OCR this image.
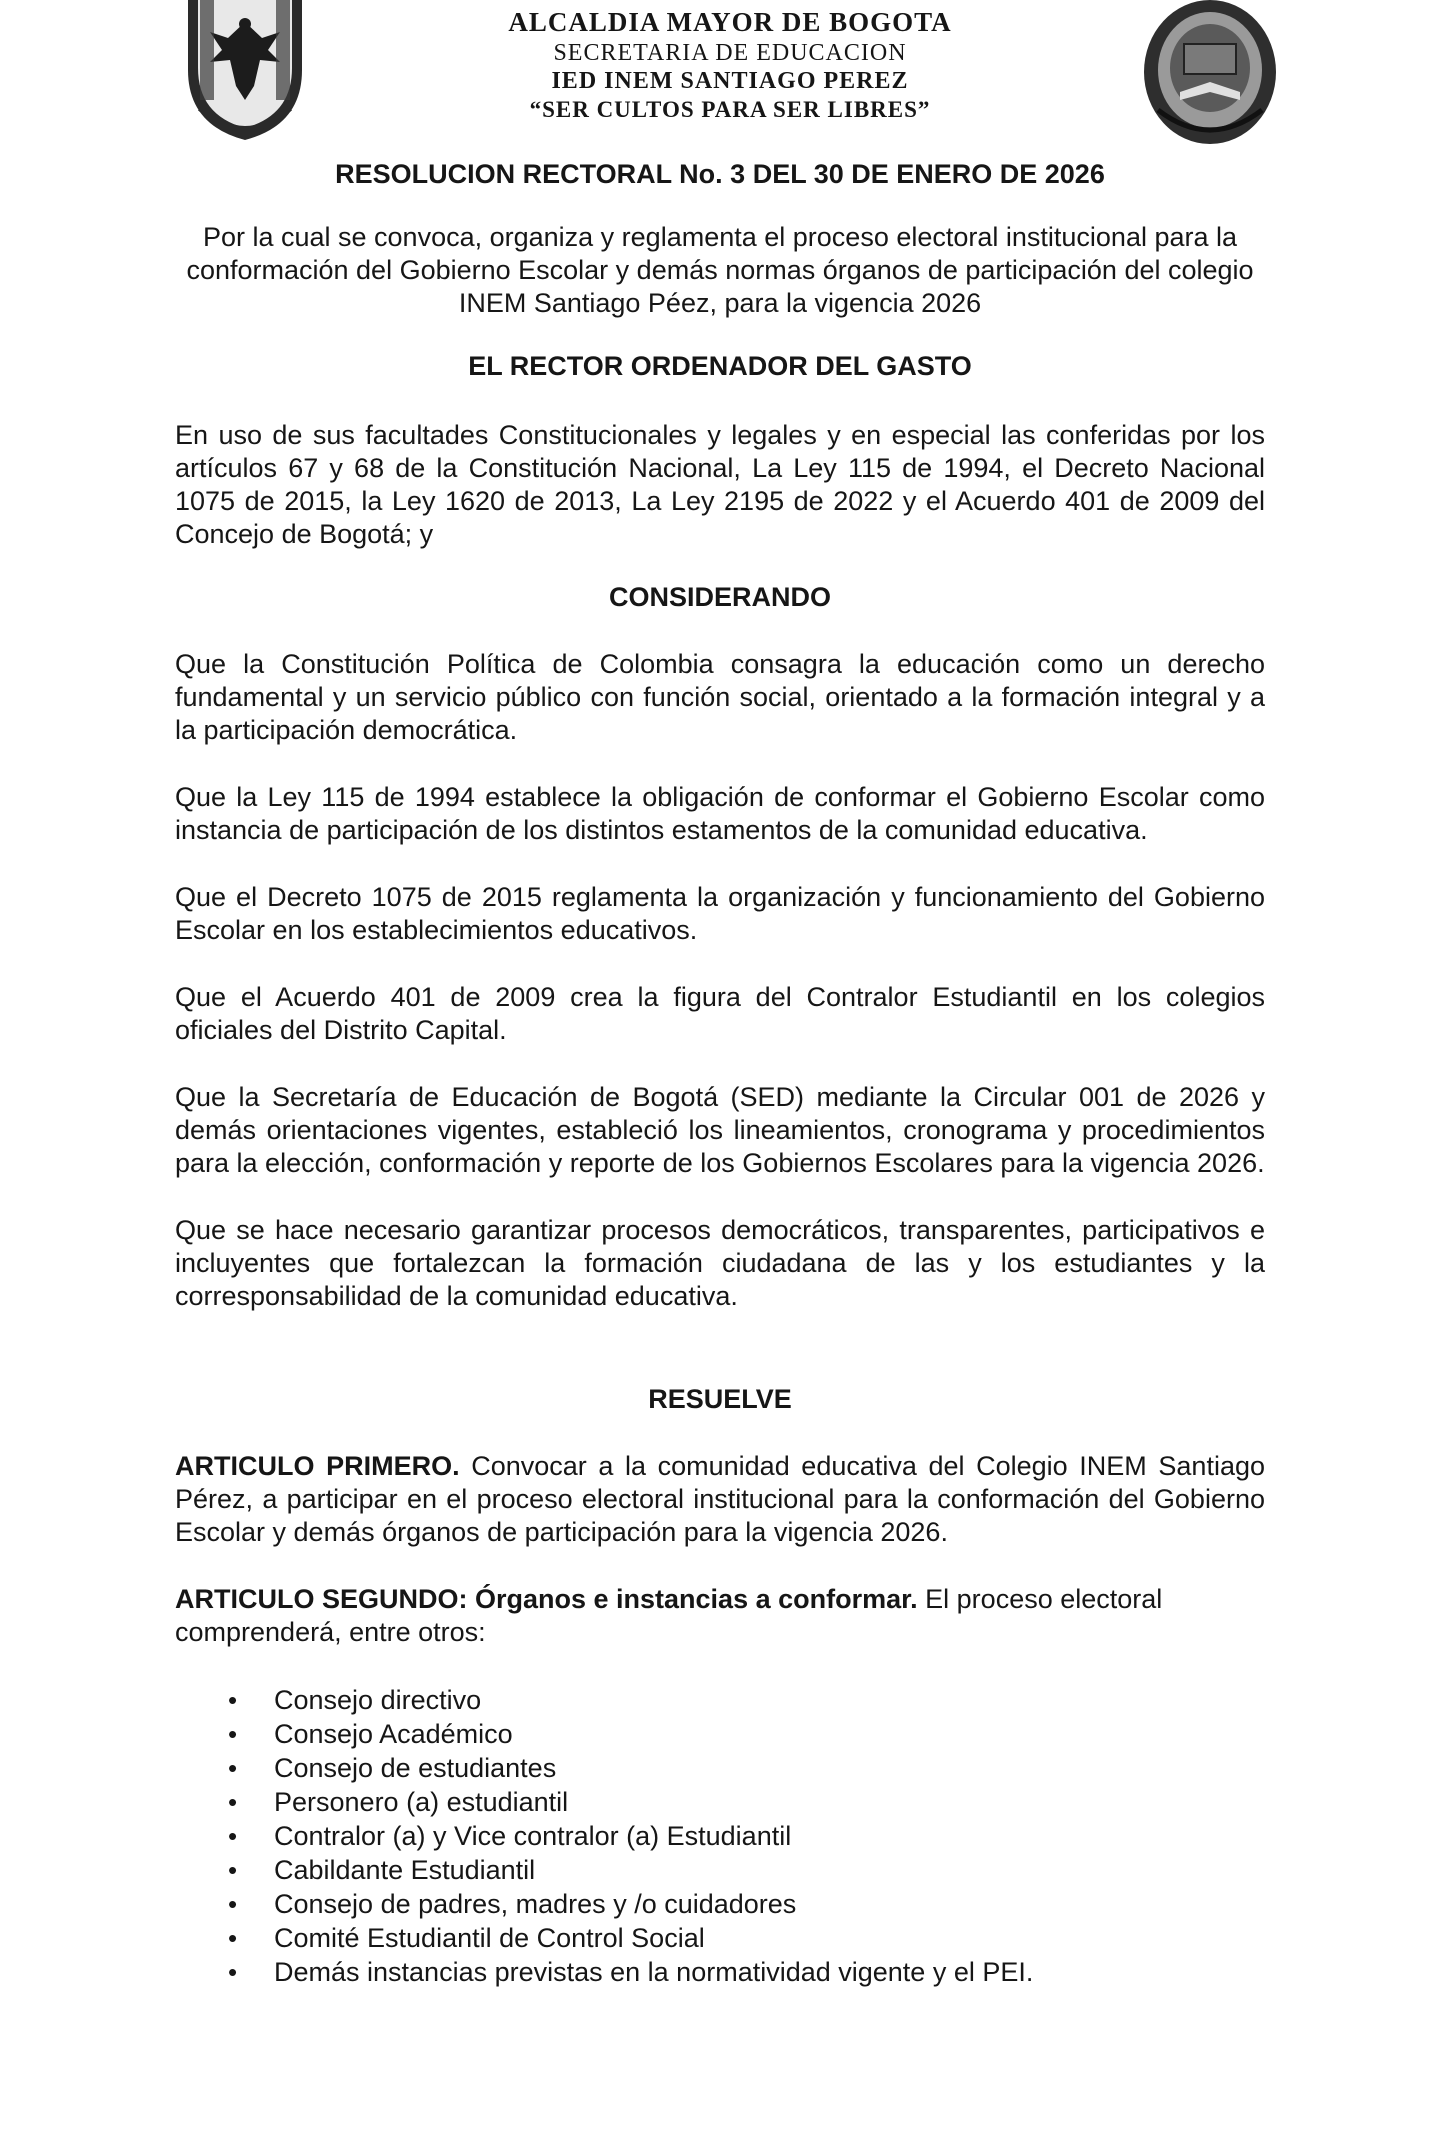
ALCALDIA MAYOR DE BOGOTA
SECRETARIA DE EDUCACION
IED INEM SANTIAGO PEREZ
“SER CULTOS PARA SER LIBRES”

RESOLUCION RECTORAL No. 3 DEL 30 DE ENERO DE 2026

Por la cual se convoca, organiza y reglamenta el proceso electoral institucional para la conformación del Gobierno Escolar y demás normas órganos de participación del colegio INEM Santiago Péez, para la vigencia 2026

EL RECTOR ORDENADOR DEL GASTO

En uso de sus facultades Constitucionales y legales y en especial las conferidas por los artículos 67 y 68 de la Constitución Nacional, La Ley 115 de 1994, el Decreto Nacional 1075 de 2015, la Ley 1620 de 2013, La Ley 2195 de 2022 y el Acuerdo 401 de 2009 del Concejo de Bogotá; y

CONSIDERANDO

Que la Constitución Política de Colombia consagra la educación como un derecho fundamental y un servicio público con función social, orientado a la formación integral y a la participación democrática.

Que la Ley 115 de 1994 establece la obligación de conformar el Gobierno Escolar como instancia de participación de los distintos estamentos de la comunidad educativa.

Que el Decreto 1075 de 2015 reglamenta la organización y funcionamiento del Gobierno Escolar en los establecimientos educativos.

Que el Acuerdo 401 de 2009 crea la figura del Contralor Estudiantil en los colegios oficiales del Distrito Capital.

Que la Secretaría de Educación de Bogotá (SED) mediante la Circular 001 de 2026 y demás orientaciones vigentes, estableció los lineamientos, cronograma y procedimientos para la elección, conformación y reporte de los Gobiernos Escolares para la vigencia 2026.

Que se hace necesario garantizar procesos democráticos, transparentes, participativos e incluyentes que fortalezcan la formación ciudadana de las y los estudiantes y la corresponsabilidad de la comunidad educativa.

RESUELVE

ARTICULO PRIMERO. Convocar a la comunidad educativa del Colegio INEM Santiago Pérez, a participar en el proceso electoral institucional para la conformación del Gobierno Escolar y demás órganos de participación para la vigencia 2026.

ARTICULO SEGUNDO: Órganos e instancias a conformar. El proceso electoral comprenderá, entre otros:

• Consejo directivo
• Consejo Académico
• Consejo de estudiantes
• Personero (a) estudiantil
• Contralor (a) y Vice contralor (a) Estudiantil
• Cabildante Estudiantil
• Consejo de padres, madres y /o cuidadores
• Comité Estudiantil de Control Social
• Demás instancias previstas en la normatividad vigente y el PEI.
